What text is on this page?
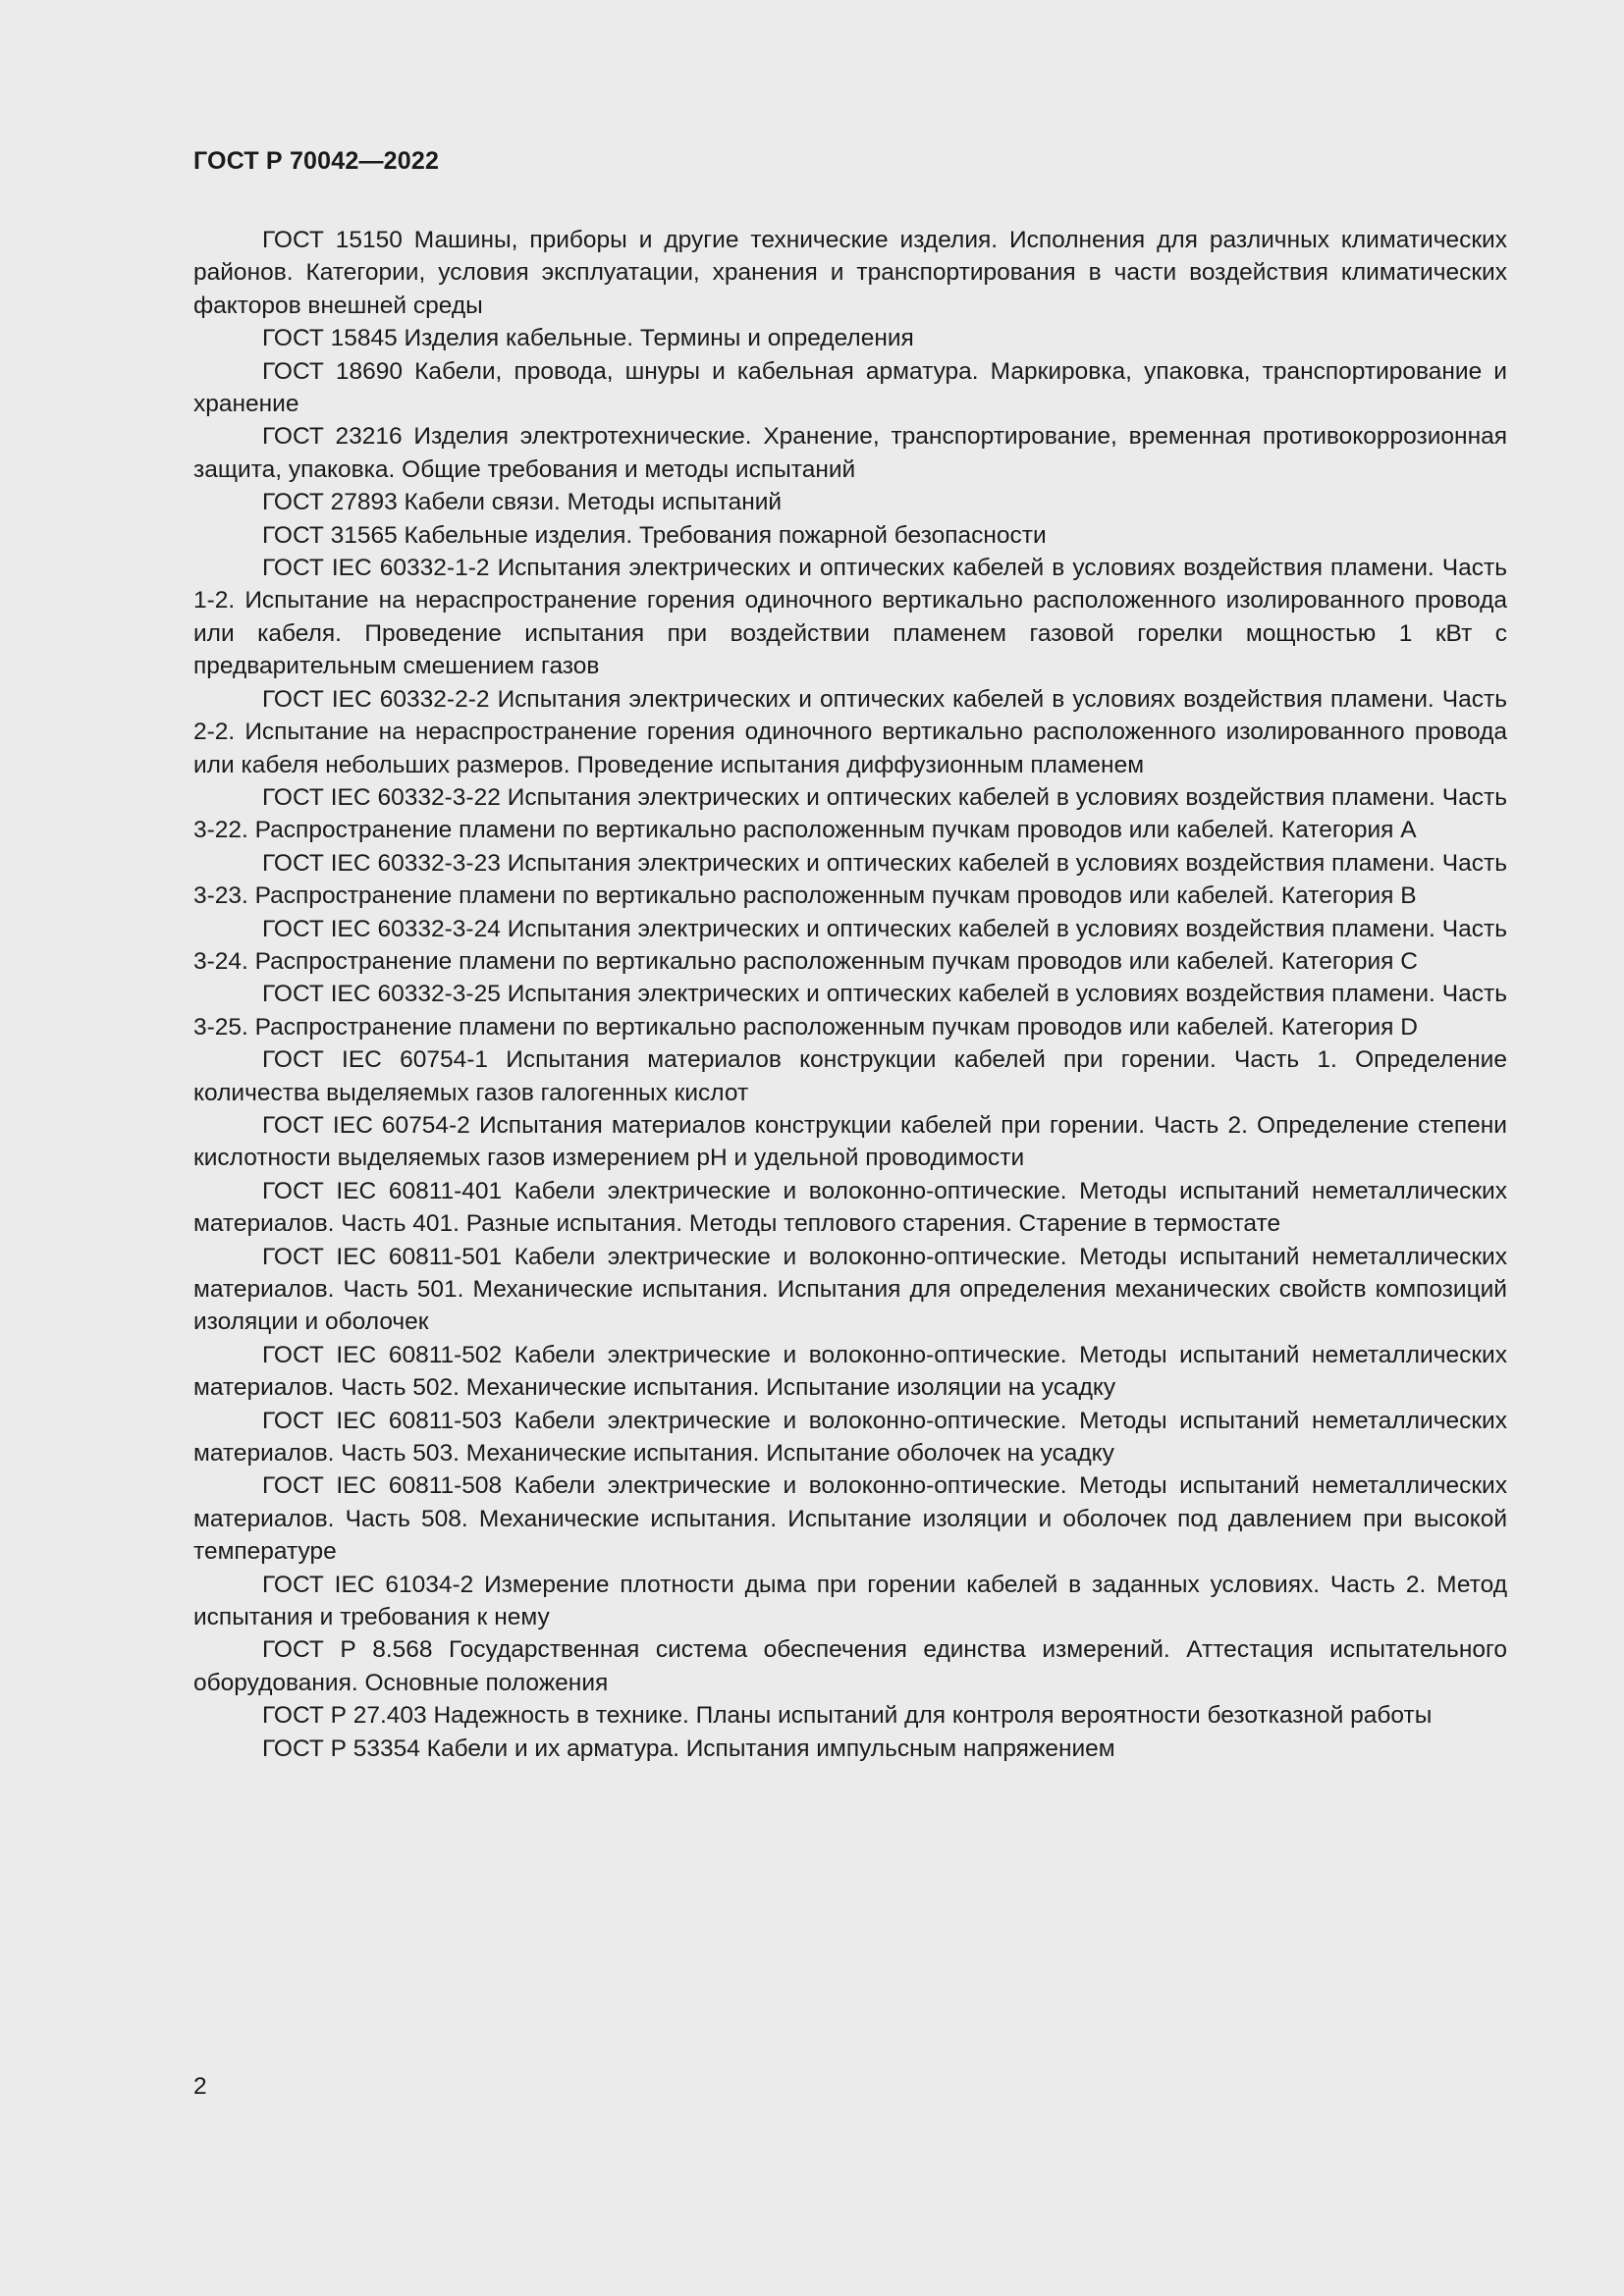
ГОСТ Р 70042—2022
ГОСТ 15150 Машины, приборы и другие технические изделия. Исполнения для различных климатических районов. Категории, условия эксплуатации, хранения и транспортирования в части воздействия климатических факторов внешней среды
ГОСТ 15845 Изделия кабельные. Термины и определения
ГОСТ 18690 Кабели, провода, шнуры и кабельная арматура. Маркировка, упаковка, транспортирование и хранение
ГОСТ 23216 Изделия электротехнические. Хранение, транспортирование, временная противокоррозионная защита, упаковка. Общие требования и методы испытаний
ГОСТ 27893 Кабели связи. Методы испытаний
ГОСТ 31565 Кабельные изделия. Требования пожарной безопасности
ГОСТ IEC 60332-1-2 Испытания электрических и оптических кабелей в условиях воздействия пламени. Часть 1-2. Испытание на нераспространение горения одиночного вертикально расположенного изолированного провода или кабеля. Проведение испытания при воздействии пламенем газовой горелки мощностью 1 кВт с предварительным смешением газов
ГОСТ IEC 60332-2-2 Испытания электрических и оптических кабелей в условиях воздействия пламени. Часть 2-2. Испытание на нераспространение горения одиночного вертикально расположенного изолированного провода или кабеля небольших размеров. Проведение испытания диффузионным пламенем
ГОСТ IEC 60332-3-22 Испытания электрических и оптических кабелей в условиях воздействия пламени. Часть 3-22. Распространение пламени по вертикально расположенным пучкам проводов или кабелей. Категория А
ГОСТ IEC 60332-3-23 Испытания электрических и оптических кабелей в условиях воздействия пламени. Часть 3-23. Распространение пламени по вертикально расположенным пучкам проводов или кабелей. Категория В
ГОСТ IEC 60332-3-24 Испытания электрических и оптических кабелей в условиях воздействия пламени. Часть 3-24. Распространение пламени по вертикально расположенным пучкам проводов или кабелей. Категория С
ГОСТ IEC 60332-3-25 Испытания электрических и оптических кабелей в условиях воздействия пламени. Часть 3-25. Распространение пламени по вертикально расположенным пучкам проводов или кабелей. Категория D
ГОСТ IEC 60754-1 Испытания материалов конструкции кабелей при горении. Часть 1. Определение количества выделяемых газов галогенных кислот
ГОСТ IEC 60754-2 Испытания материалов конструкции кабелей при горении. Часть 2. Определение степени кислотности выделяемых газов измерением pH и удельной проводимости
ГОСТ IEC 60811-401 Кабели электрические и волоконно-оптические. Методы испытаний неметаллических материалов. Часть 401. Разные испытания. Методы теплового старения. Старение в термостате
ГОСТ IEC 60811-501 Кабели электрические и волоконно-оптические. Методы испытаний неметаллических материалов. Часть 501. Механические испытания. Испытания для определения механических свойств композиций изоляции и оболочек
ГОСТ IEC 60811-502 Кабели электрические и волоконно-оптические. Методы испытаний неметаллических материалов. Часть 502. Механические испытания. Испытание изоляции на усадку
ГОСТ IEC 60811-503 Кабели электрические и волоконно-оптические. Методы испытаний неметаллических материалов. Часть 503. Механические испытания. Испытание оболочек на усадку
ГОСТ IEC 60811-508 Кабели электрические и волоконно-оптические. Методы испытаний неметаллических материалов. Часть 508. Механические испытания. Испытание изоляции и оболочек под давлением при высокой температуре
ГОСТ IEC 61034-2 Измерение плотности дыма при горении кабелей в заданных условиях. Часть 2. Метод испытания и требования к нему
ГОСТ Р 8.568 Государственная система обеспечения единства измерений. Аттестация испытательного оборудования. Основные положения
ГОСТ Р 27.403 Надежность в технике. Планы испытаний для контроля вероятности безотказной работы
ГОСТ Р 53354 Кабели и их арматура. Испытания импульсным напряжением
2
